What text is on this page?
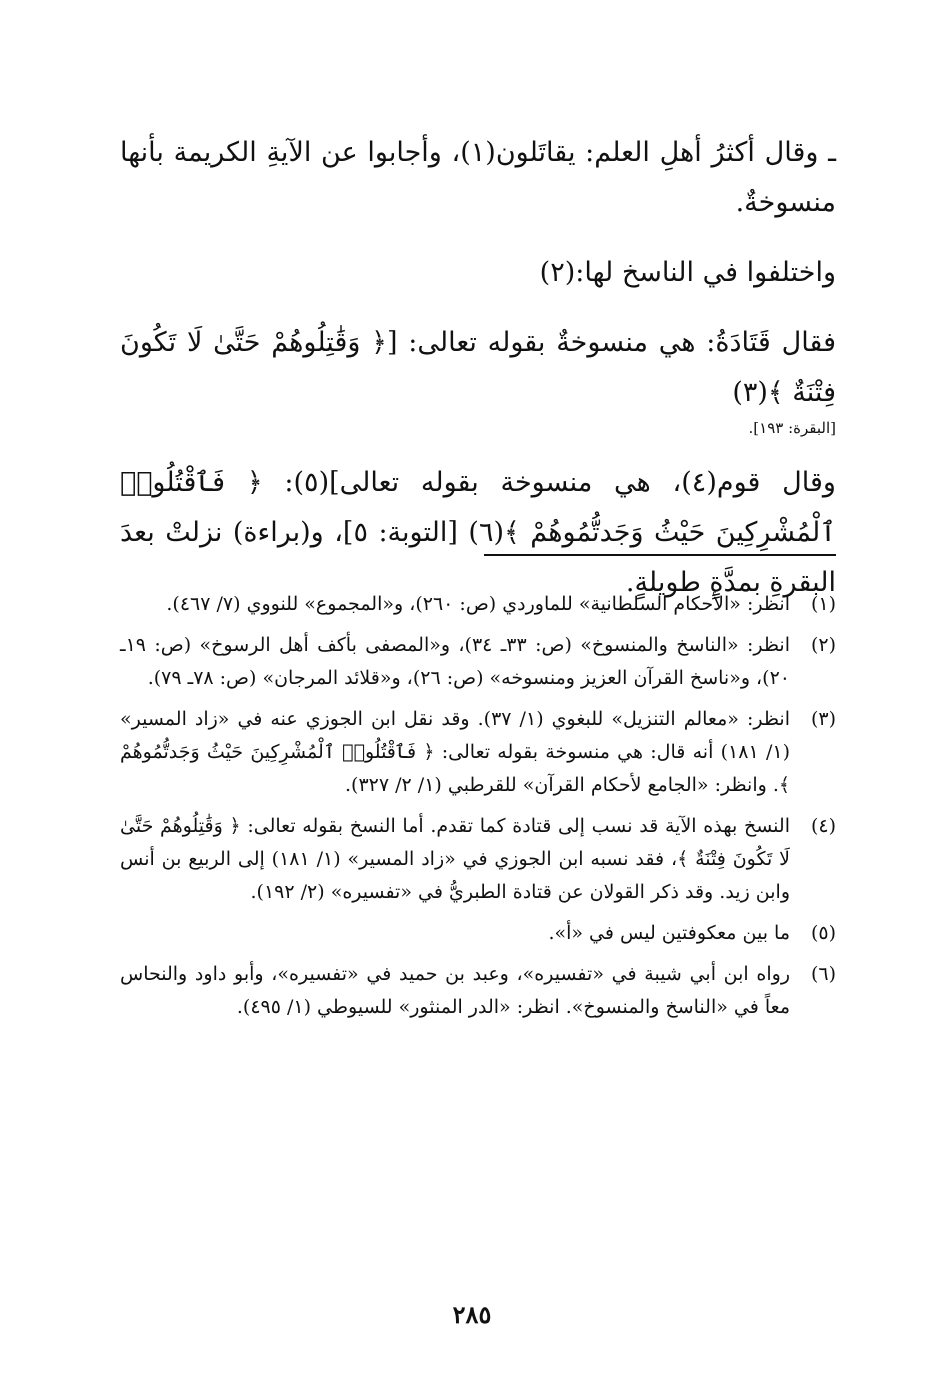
ـ وقال أكثرُ أهلِ العلم: يقاتَلون(١)، وأجابوا عن الآيةِ الكريمة بأنها منسوخةٌ.

واختلفوا في الناسخ لها:(٢)

فقال قَتَادَةُ: هي منسوخةٌ بقوله تعالى: [﴿ وَقَٰتِلُوهُمْ حَتَّىٰ لَا تَكُونَ فِتْنَةٌ ﴾(٣)
[البقرة: ١٩٣].

وقال قوم(٤)، هي منسوخة بقوله تعالى](٥): ﴿ فَٱقْتُلُوا۟ ٱلْمُشْرِكِينَ حَيْثُ وَجَدتُّمُوهُمْ ﴾(٦) [التوبة: ٥]، و(براءة) نزلتْ بعدَ البقرةِ بمدَّةٍ طويلةٍ.

(١)
انظر: «الأحكام السلطانية» للماوردي (ص: ٢٦٠)، و«المجموع» للنووي (٧/ ٤٦٧).
(٢)
انظر: «الناسخ والمنسوخ» (ص: ٣٣ـ ٣٤)، و«المصفى بأكف أهل الرسوخ» (ص: ١٩ـ ٢٠)، و«ناسخ القرآن العزيز ومنسوخه» (ص: ٢٦)، و«قلائد المرجان» (ص: ٧٨ـ ٧٩).
(٣)
انظر: «معالم التنزيل» للبغوي (١/ ٣٧). وقد نقل ابن الجوزي عنه في «زاد المسير» (١/ ١٨١) أنه قال: هي منسوخة بقوله تعالى: ﴿ فَٱقْتُلُوا۟ ٱلْمُشْرِكِينَ حَيْثُ وَجَدتُّمُوهُمْ ﴾. وانظر: «الجامع لأحكام القرآن» للقرطبي (١/ ٢/ ٣٢٧).
(٤)
النسخ بهذه الآية قد نسب إلى قتادة كما تقدم. أما النسخ بقوله تعالى: ﴿ وَقَٰتِلُوهُمْ حَتَّىٰ لَا تَكُونَ فِتْنَةٌ ﴾، فقد نسبه ابن الجوزي في «زاد المسير» (١/ ١٨١) إلى الربيع بن أنس وابن زيد. وقد ذكر القولان عن قتادة الطبريُّ في «تفسيره» (٢/ ١٩٢).
(٥)
ما بين معكوفتين ليس في «أ».
(٦)
رواه ابن أبي شيبة في «تفسيره»، وعبد بن حميد في «تفسيره»، وأبو داود والنحاس معاً في «الناسخ والمنسوخ». انظر: «الدر المنثور» للسيوطي (١/ ٤٩٥).
٢٨٥
